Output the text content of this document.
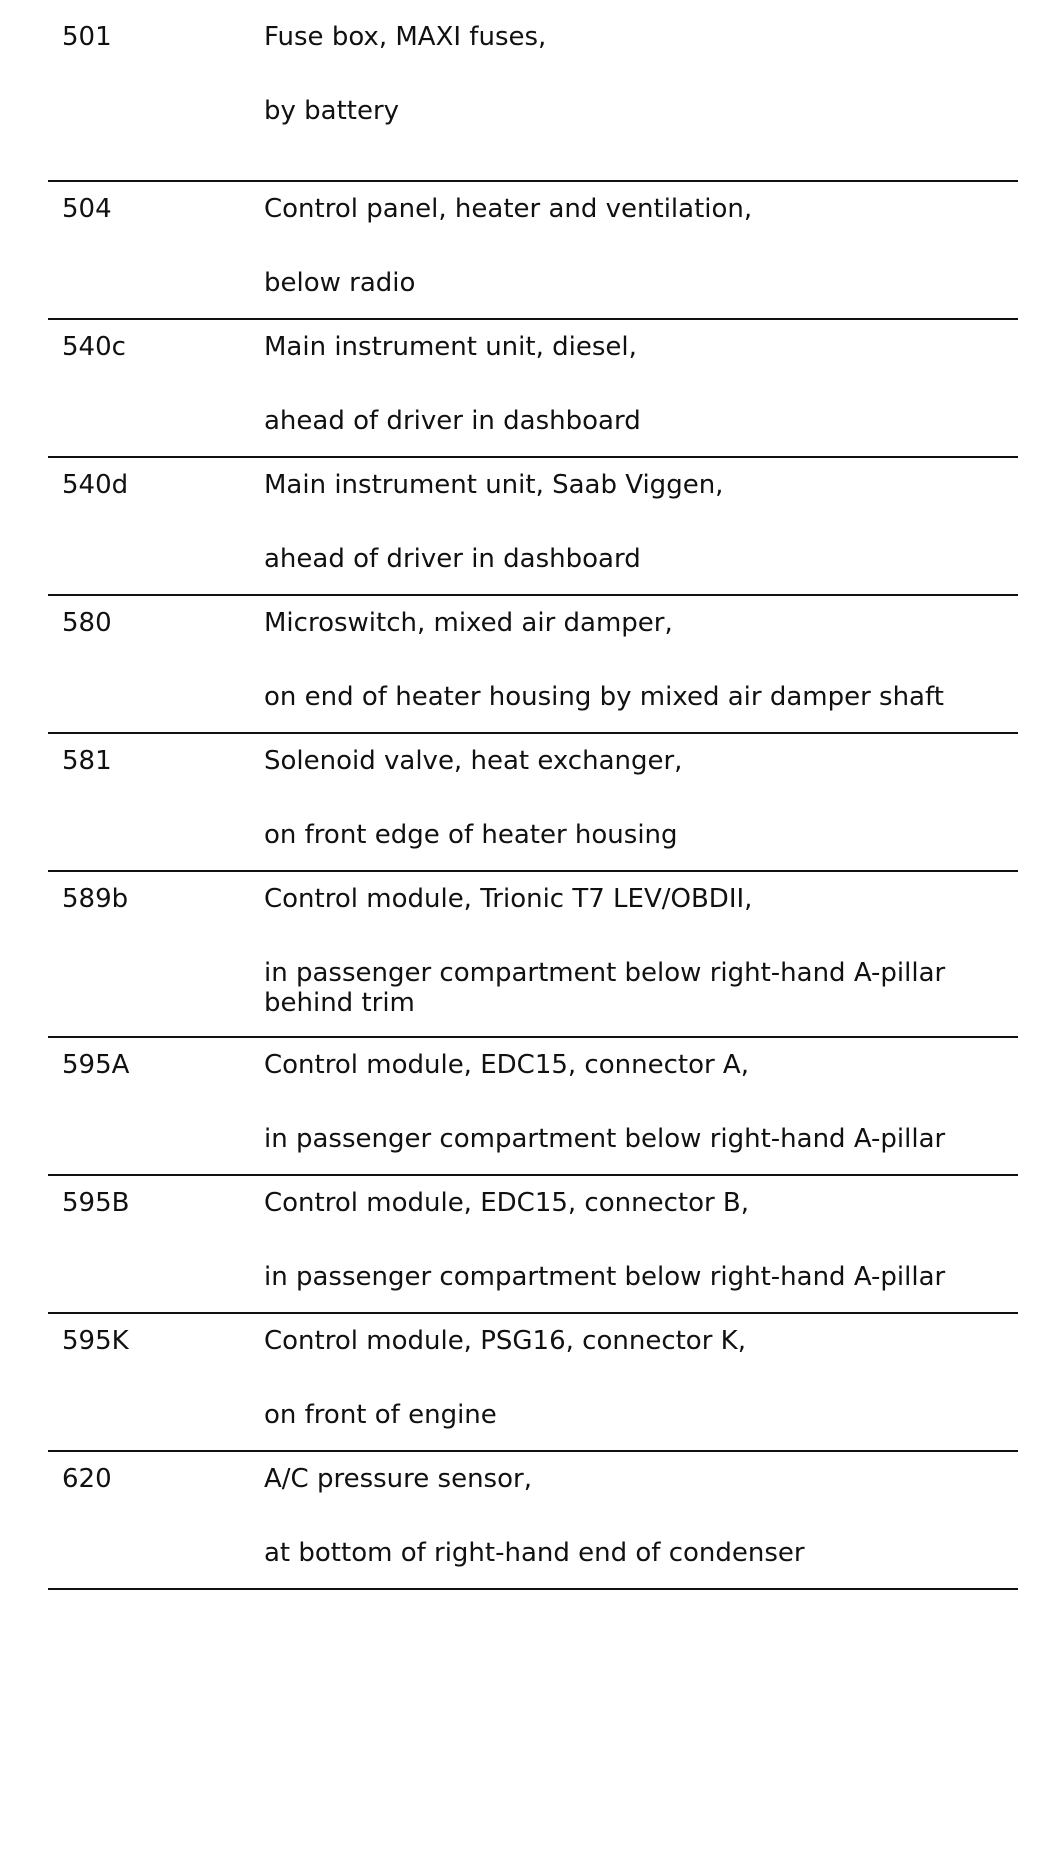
501	Fuse box, MAXI fuses,
by battery
504	Control panel, heater and ventilation,
below radio
540c	Main instrument unit, diesel,
ahead of driver in dashboard
540d	Main instrument unit, Saab Viggen,
ahead of driver in dashboard
580	Microswitch, mixed air damper,
on end of heater housing by mixed air damper shaft
581	Solenoid valve, heat exchanger,
on front edge of heater housing
589b	Control module, Trionic T7 LEV/OBDII,
in passenger compartment below right-hand A-pillar behind trim
595A	Control module, EDC15, connector A,
in passenger compartment below right-hand A-pillar
595B	Control module, EDC15, connector B,
in passenger compartment below right-hand A-pillar
595K	Control module, PSG16, connector K,
on front of engine
620	A/C pressure sensor,
at bottom of right-hand end of condenser
